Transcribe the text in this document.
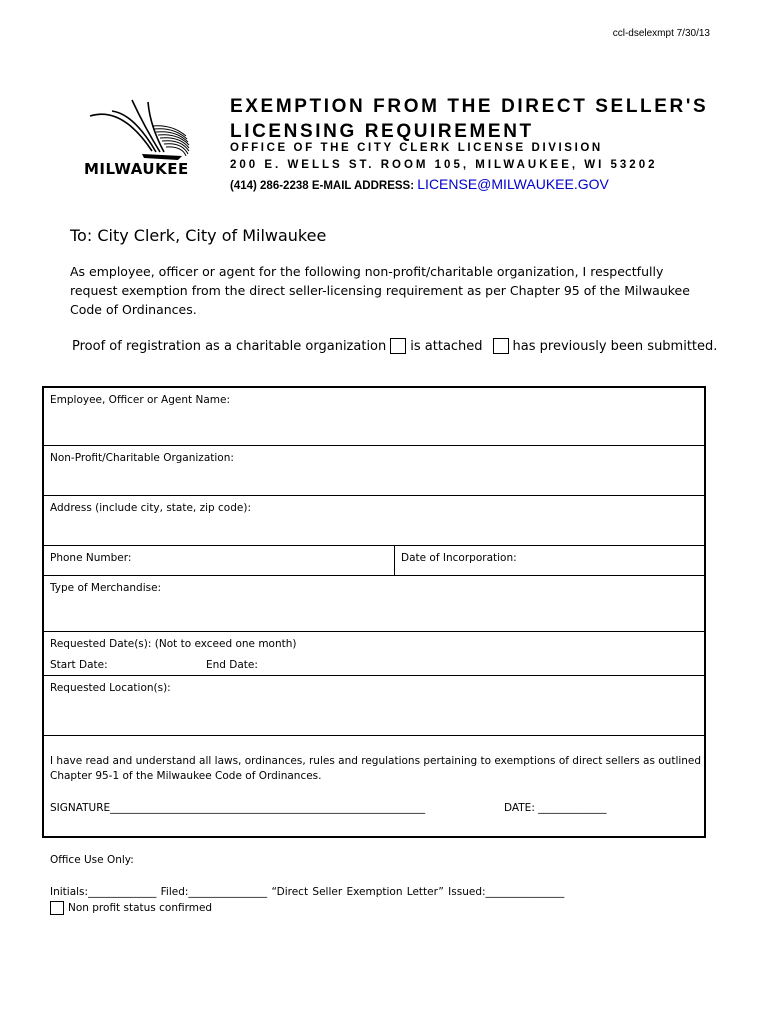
ccl-dselexmpt 7/30/13
MILWAUKEE
EXEMPTION FROM THE DIRECT SELLER'S
LICENSING REQUIREMENT
OFFICE OF THE CITY CLERK LICENSE DIVISION
200 E. WELLS ST. ROOM 105, MILWAUKEE, WI 53202
(414) 286-2238 E-MAIL ADDRESS: LICENSE@MILWAUKEE.GOV
To: City Clerk, City of Milwaukee
As employee, officer or agent for the following non-profit/charitable organization, I respectfully request exemption from the direct seller-licensing requirement as per Chapter 95 of the Milwaukee Code of Ordinances.
Proof of registration as a charitable organization is attached has previously been submitted.
Employee, Officer or Agent Name:
Non-Profit/Charitable Organization:
Address (include city, state, zip code):
Phone Number:	Date of Incorporation:
Type of Merchandise:
Requested Date(s): (Not to exceed one month)
Start Date:	End Date:
Requested Location(s):
I have read and understand all laws, ordinances, rules and regulations pertaining to exemptions of direct sellers as outlined Chapter 95-1 of the Milwaukee Code of Ordinances.
SIGNATURE____________________________________________________________	DATE: _____________
Office Use Only:
Initials:_____________ Filed:_______________ “Direct Seller Exemption Letter” Issued:_______________
Non profit status confirmed
